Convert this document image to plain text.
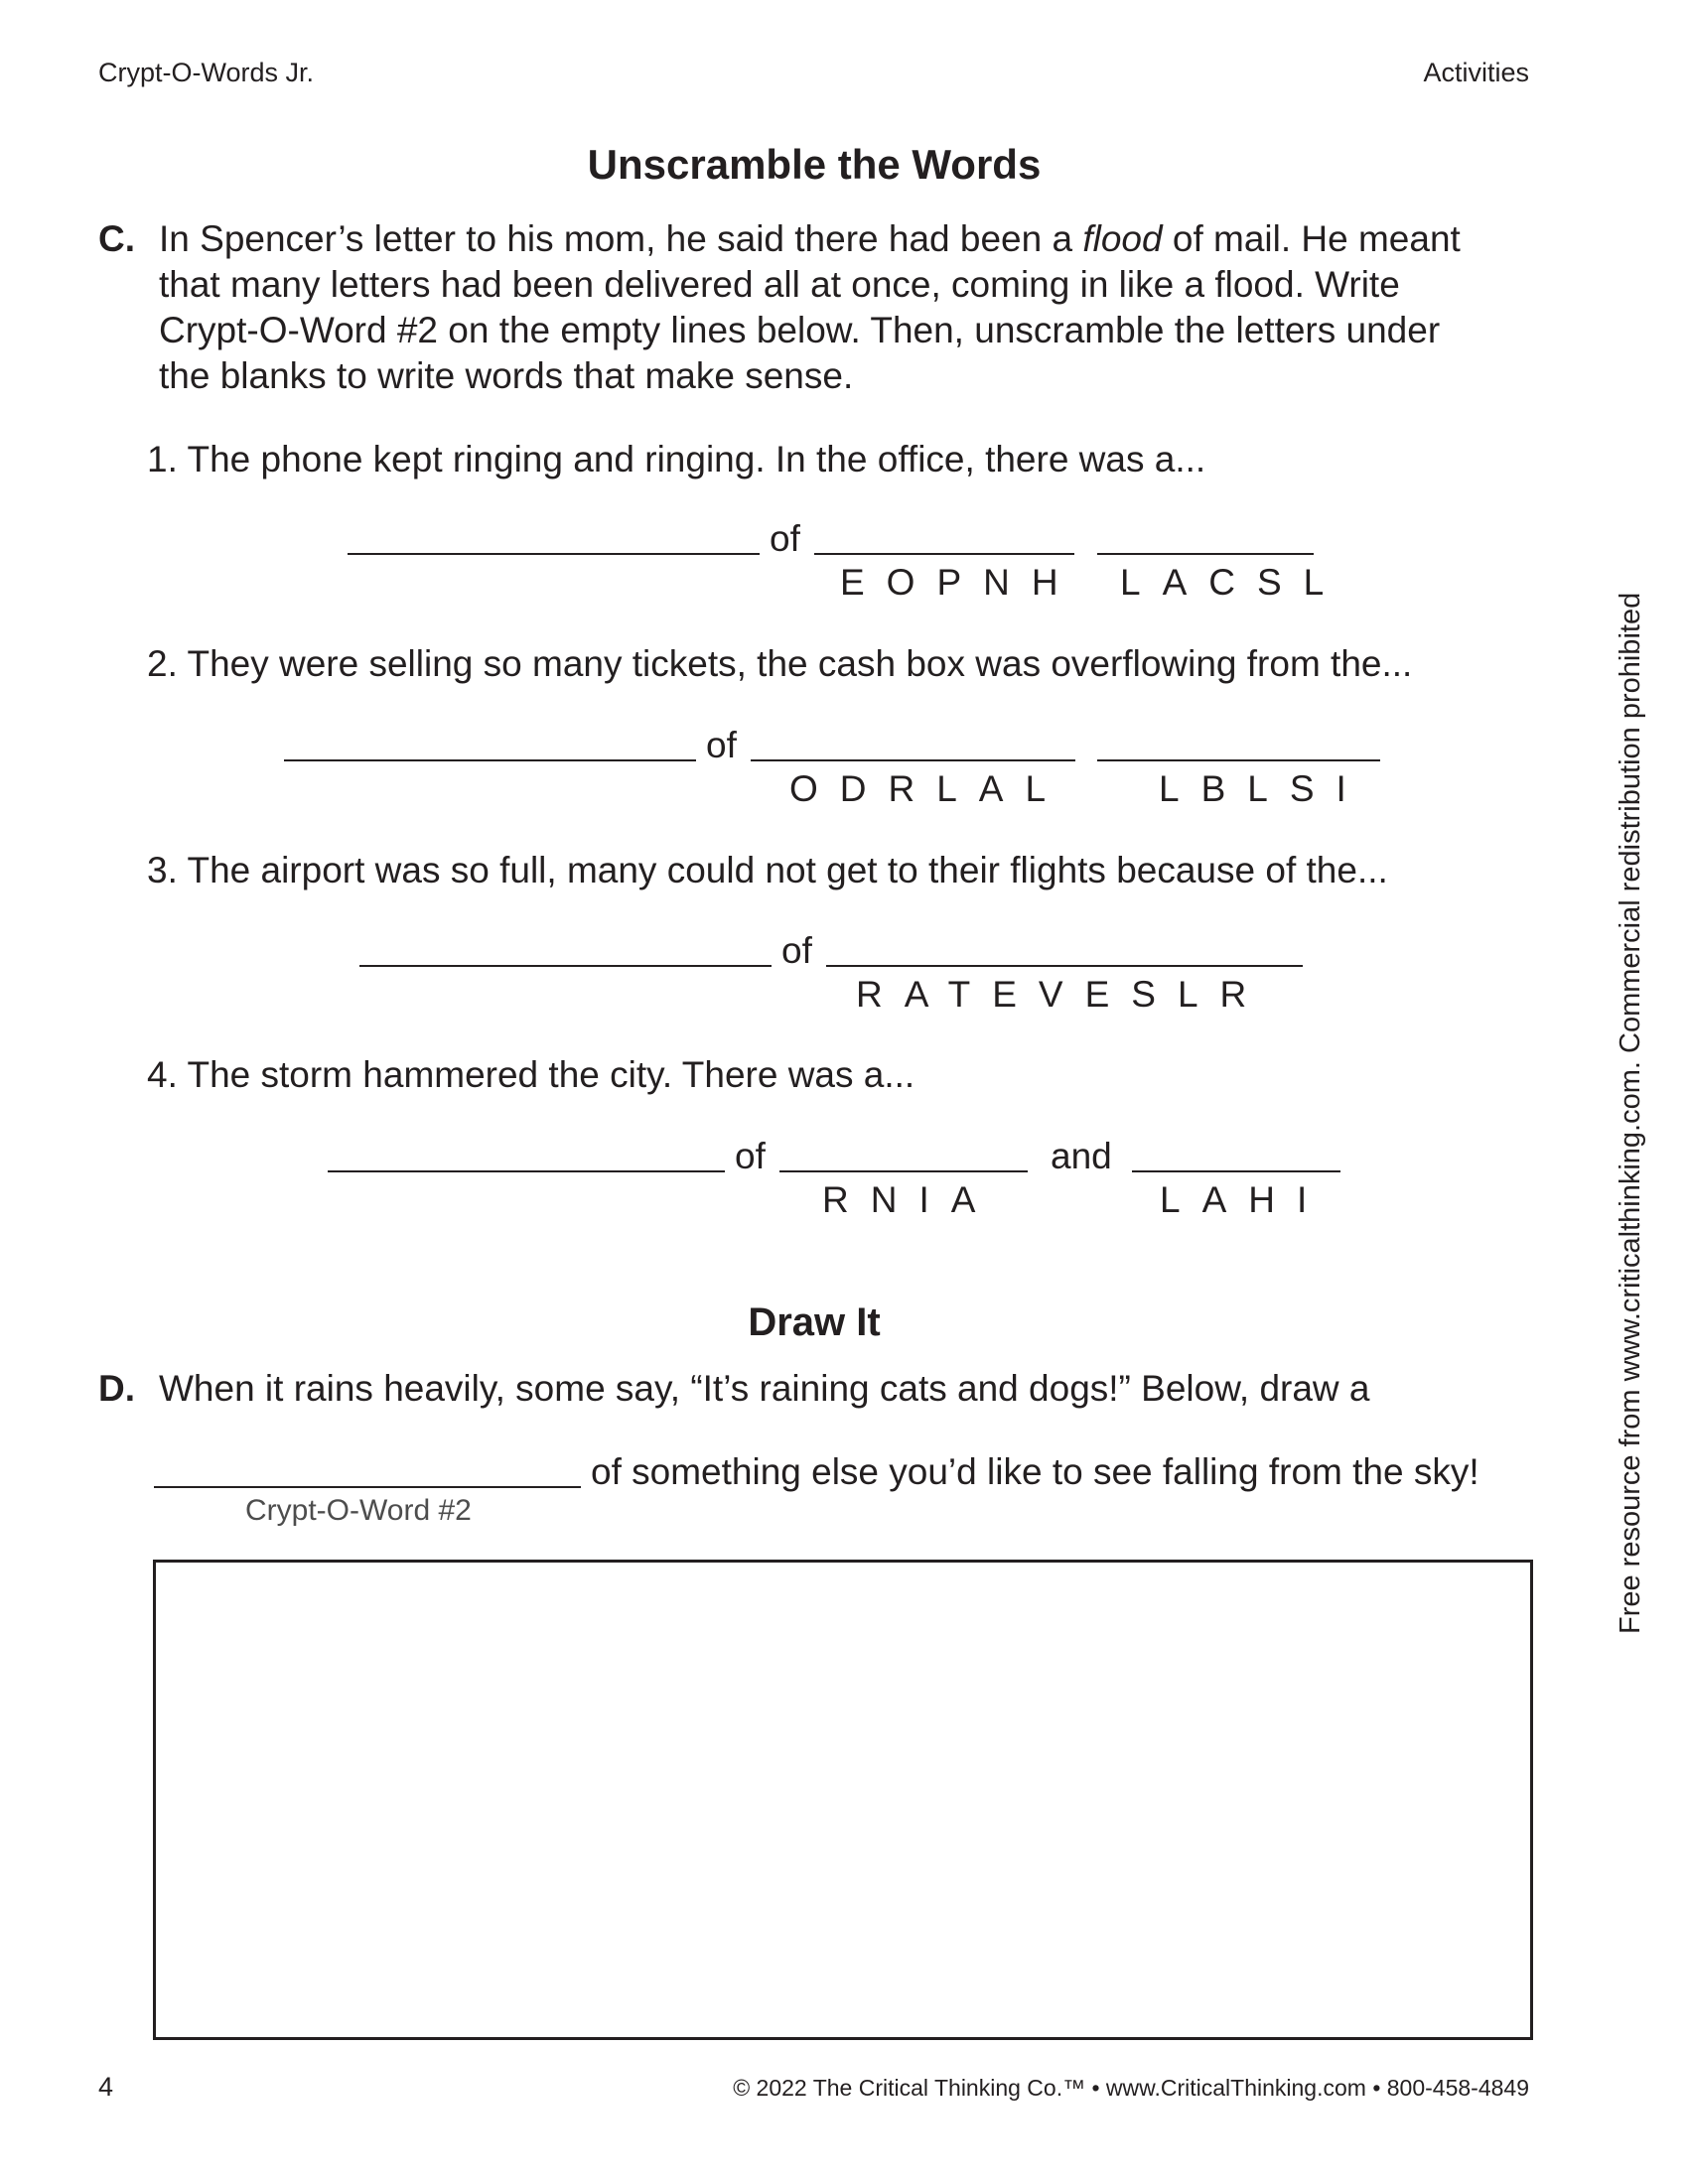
Crypt-O-Words Jr.	Activities
Unscramble the Words
C. In Spencer’s letter to his mom, he said there had been a flood of mail. He meant
that many letters had been delivered all at once, coming in like a flood. Write
Crypt-O-Word #2 on the empty lines below. Then, unscramble the letters under
the blanks to write words that make sense.
1. The phone kept ringing and ringing. In the office, there was a...
of
EOPNH LACSL
2. They were selling so many tickets, the cash box was overflowing from the...
of
ODRLAL LBLSI
3. The airport was so full, many could not get to their flights because of the...
of
RATEVESLR
4. The storm hammered the city. There was a...
of	and
RNIA	LAHI
Draw It
D. When it rains heavily, some say, “It’s raining cats and dogs!” Below, draw a
of something else you’d like to see falling from the sky!
Crypt-O-Word #2	Free resource from www.criticalthinking.com. Commercial redistribution prohibited
4	© 2022 The Critical Thinking Co.™ • www.CriticalThinking.com • 800-458-4849
